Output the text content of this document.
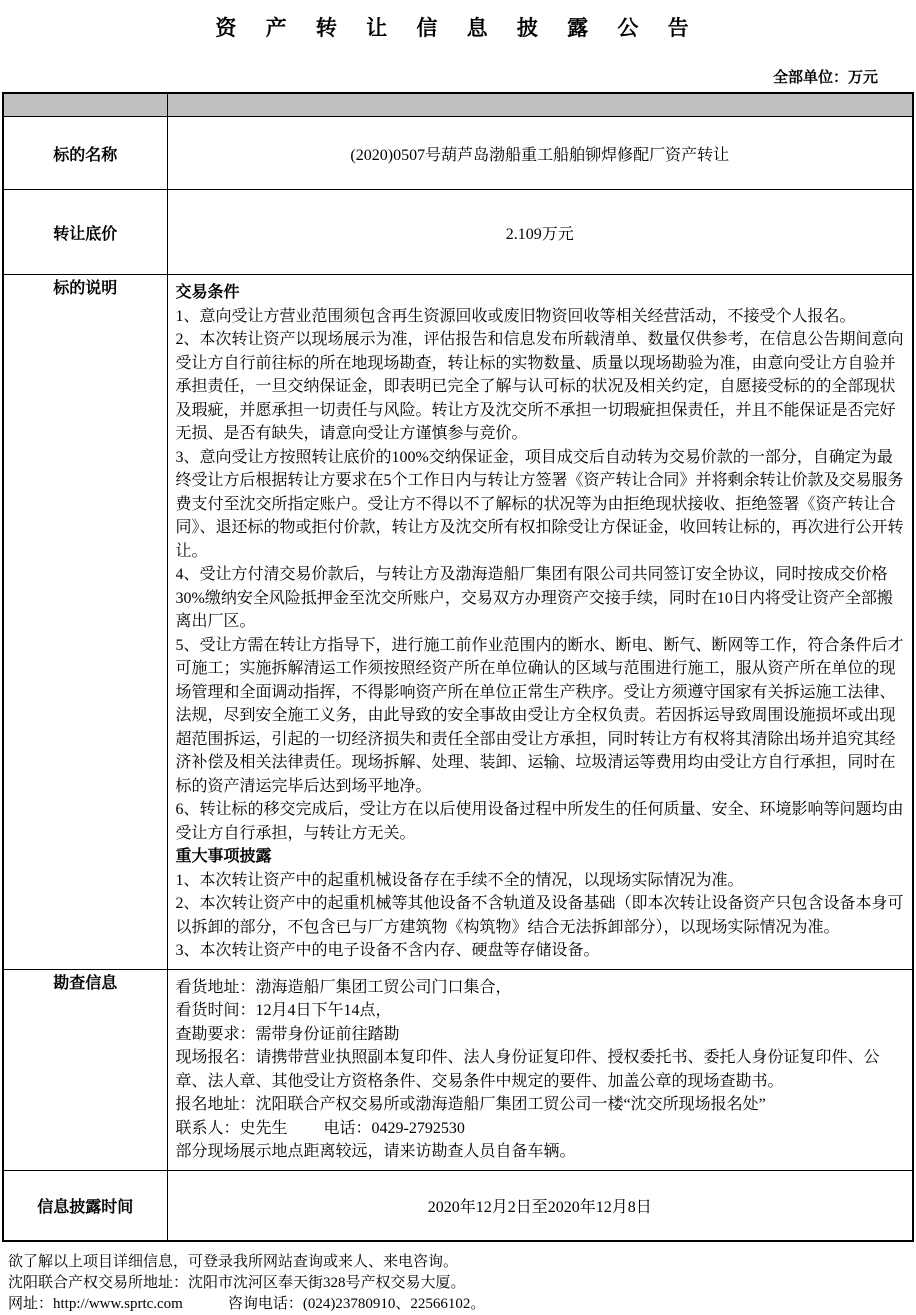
资 产 转 让 信 息 披 露 公 告
全部单位：万元

标的名称	(2020)0507号葫芦岛渤船重工船舶铆焊修配厂资产转让
转让底价	2.109万元
标的说明	交易条件
1、意向受让方营业范围须包含再生资源回收或废旧物资回收等相关经营活动，不接受个人报名。
2、本次转让资产以现场展示为准，评估报告和信息发布所载清单、数量仅供参考，在信息公告期间意向受让方自行前往标的所在地现场勘查，转让标的实物数量、质量以现场勘验为准，由意向受让方自验并承担责任，一旦交纳保证金，即表明已完全了解与认可标的状况及相关约定，自愿接受标的的全部现状及瑕疵，并愿承担一切责任与风险。转让方及沈交所不承担一切瑕疵担保责任，并且不能保证是否完好无损、是否有缺失，请意向受让方谨慎参与竞价。
3、意向受让方按照转让底价的100%交纳保证金，项目成交后自动转为交易价款的一部分，自确定为最终受让方后根据转让方要求在5个工作日内与转让方签署《资产转让合同》并将剩余转让价款及交易服务费支付至沈交所指定账户。受让方不得以不了解标的状况等为由拒绝现状接收、拒绝签署《资产转让合同》、退还标的物或拒付价款，转让方及沈交所有权扣除受让方保证金，收回转让标的，再次进行公开转让。
4、受让方付清交易价款后，与转让方及渤海造船厂集团有限公司共同签订安全协议，同时按成交价格30%缴纳安全风险抵押金至沈交所账户，交易双方办理资产交接手续，同时在10日内将受让资产全部搬离出厂区。
5、受让方需在转让方指导下，进行施工前作业范围内的断水、断电、断气、断网等工作，符合条件后才可施工；实施拆解清运工作须按照经资产所在单位确认的区域与范围进行施工，服从资产所在单位的现场管理和全面调动指挥，不得影响资产所在单位正常生产秩序。受让方须遵守国家有关拆运施工法律、法规，尽到安全施工义务，由此导致的安全事故由受让方全权负责。若因拆运导致周围设施损坏或出现超范围拆运，引起的一切经济损失和责任全部由受让方承担，同时转让方有权将其清除出场并追究其经济补偿及相关法律责任。现场拆解、处理、装卸、运输、垃圾清运等费用均由受让方自行承担，同时在标的资产清运完毕后达到场平地净。
6、转让标的移交完成后，受让方在以后使用设备过程中所发生的任何质量、安全、环境影响等问题均由受让方自行承担，与转让方无关。
重大事项披露
1、本次转让资产中的起重机械设备存在手续不全的情况，以现场实际情况为准。
2、本次转让资产中的起重机械等其他设备不含轨道及设备基础（即本次转让设备资产只包含设备本身可以拆卸的部分，不包含已与厂方建筑物《构筑物》结合无法拆卸部分），以现场实际情况为准。
3、本次转让资产中的电子设备不含内存、硬盘等存储设备。

勘查信息	看货地址：渤海造船厂集团工贸公司门口集合，
看货时间：12月4日下午14点，
查勘要求：需带身份证前往踏勘
现场报名：请携带营业执照副本复印件、法人身份证复印件、授权委托书、委托人身份证复印件、公章、法人章、其他受让方资格条件、交易条件中规定的要件、加盖公章的现场查勘书。
报名地址：沈阳联合产权交易所或渤海造船厂集团工贸公司一楼“沈交所现场报名处”
联系人：史先生　　 电话：0429-2792530
部分现场展示地点距离较远，请来访勘查人员自备车辆。

信息披露时间	2020年12月2日至2020年12月8日
欲了解以上项目详细信息，可登录我所网站查询或来人、来电咨询。
沈阳联合产权交易所地址：沈阳市沈河区奉天街328号产权交易大厦。
网址：http://www.sprtc.com　　　咨询电话：(024)23780910、22566102。
